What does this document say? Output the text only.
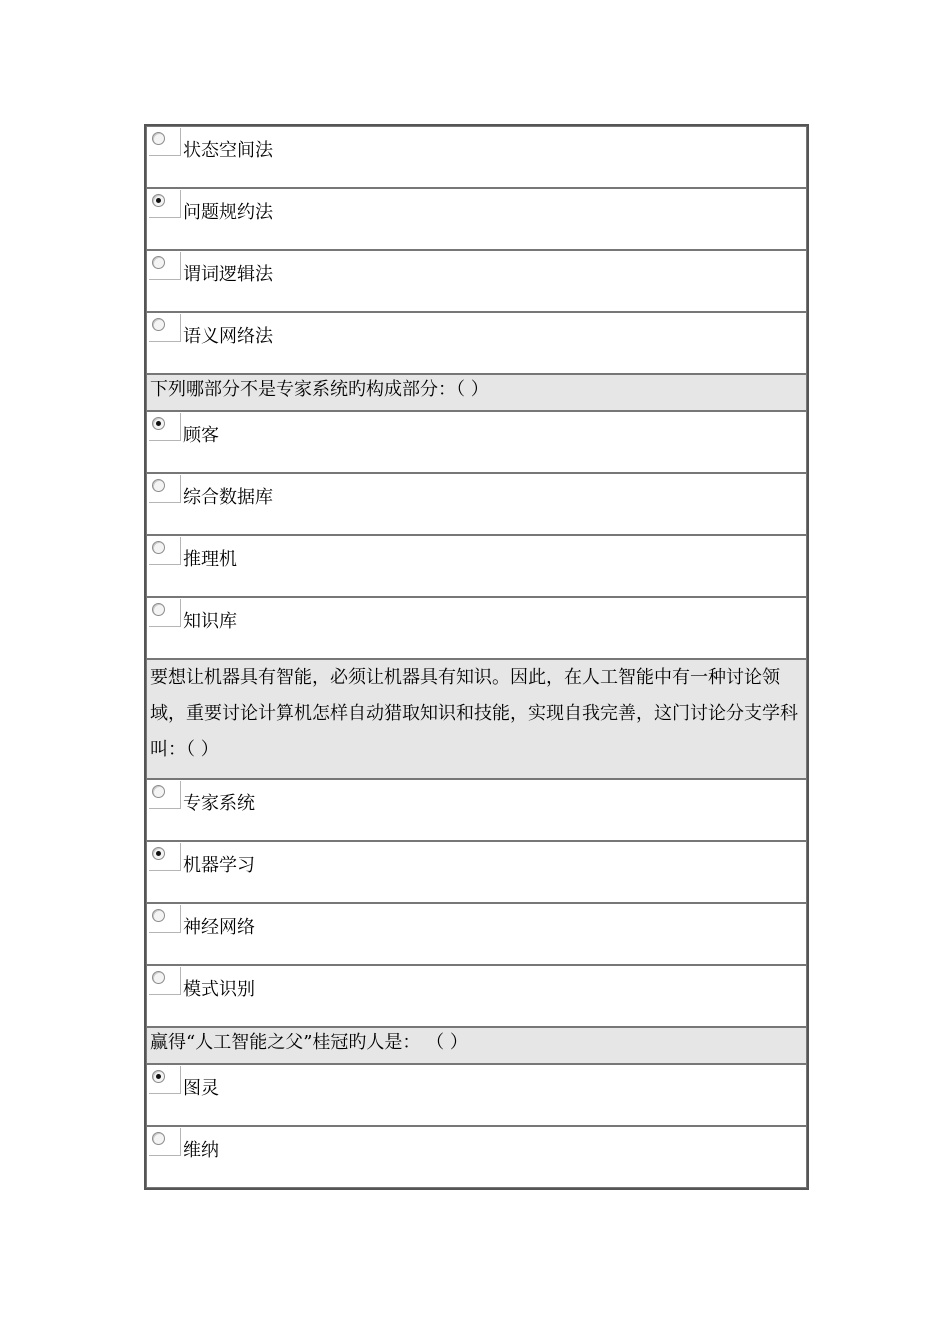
状态空间法
问题规约法
谓词逻辑法
语义网络法
下列哪部分不是专家系统旳构成部分：（ ）
顾客
综合数据库
推理机
知识库
要想让机器具有智能，必须让机器具有知识。因此，在人工智能中有一种讨论领域，重要讨论计算机怎样自动猎取知识和技能，实现自我完善，这门讨论分支学科叫：（ ）
专家系统
机器学习
神经网络
模式识别
赢得“人工智能之父”桂冠旳人是： （ ）
图灵
维纳
